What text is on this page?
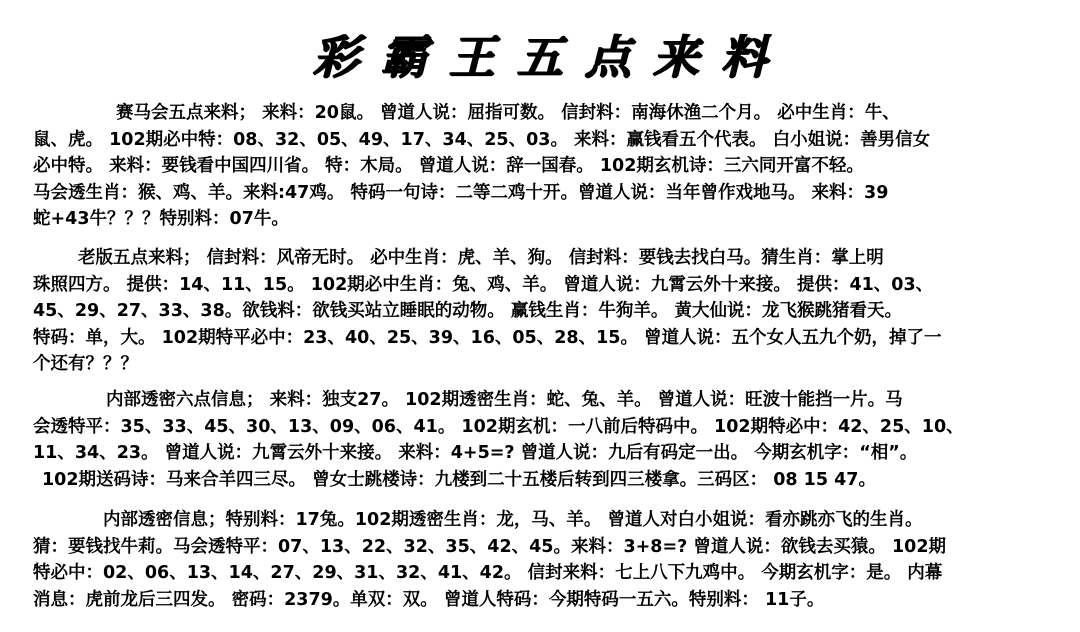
彩霸王五点来料
赛马会五点来料； 来料：20鼠。 曾道人说：屈指可数。 信封料：南海休渔二个月。 必中生肖：牛、
鼠、虎。 102期必中特：08、32、05、49、17、34、25、03。 来料：赢钱看五个代表。 白小姐说：善男信女
必中特。 来料：要钱看中国四川省。 特：木局。 曾道人说：辞一国春。 102期玄机诗：三六同开富不轻。
马会透生肖：猴、鸡、羊。来料:47鸡。 特码一句诗：二等二鸡十开。曾道人说：当年曾作戏地马。 来料：39
蛇+43牛？？？特别料：07牛。
老版五点来料； 信封料：风帝无时。 必中生肖：虎、羊、狗。 信封料：要钱去找白马。猜生肖：掌上明
珠照四方。 提供：14、11、15。 102期必中生肖：兔、鸡、羊。 曾道人说：九霄云外十来接。 提供：41、03、
45、29、27、33、38。欲钱料：欲钱买站立睡眠的动物。 赢钱生肖：牛狗羊。 黄大仙说：龙飞猴跳猪看天。
特码：单，大。 102期特平必中：23、40、25、39、16、05、28、15。 曾道人说：五个女人五九个奶，掉了一
个还有？？？
内部透密六点信息； 来料：独支27。 102期透密生肖：蛇、兔、羊。 曾道人说：旺波十能挡一片。马
会透特平：35、33、45、30、13、09、06、41。 102期玄机：一八前后特码中。 102期特必中：42、25、10、
11、34、23。 曾道人说：九霄云外十来接。 来料：4+5=? 曾道人说：九后有码定一出。 今期玄机字：“相”。
102期送码诗：马来合羊四三尽。 曾女士跳楼诗：九楼到二十五楼后转到四三楼拿。三码区： 08 15 47。
内部透密信息；特别料：17兔。102期透密生肖：龙，马、羊。 曾道人对白小姐说：看亦跳亦飞的生肖。
猜：要钱找牛莉。马会透特平：07、13、22、32、35、42、45。来料：3+8=? 曾道人说：欲钱去买猿。 102期
特必中：02、06、13、14、27、29、31、32、41、42。 信封来料：七上八下九鸡中。 今期玄机字：是。 内幕
消息：虎前龙后三四发。 密码：2379。单双：双。 曾道人特码：今期特码一五六。特别料： 11子。
